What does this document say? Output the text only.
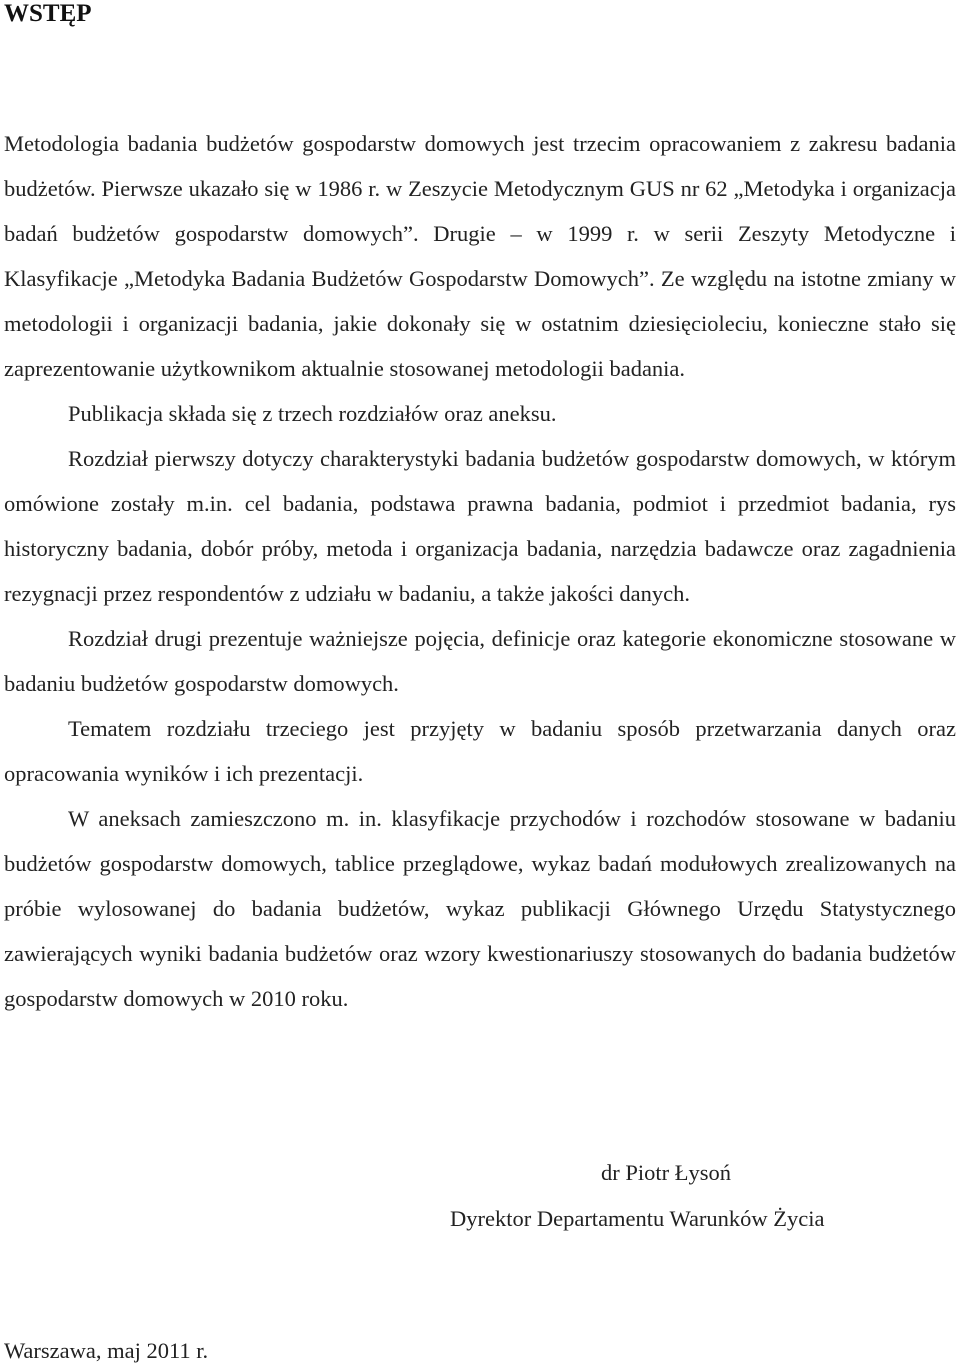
WSTĘP

Metodologia badania budżetów gospodarstw domowych jest trzecim opracowaniem z zakresu badania budżetów. Pierwsze ukazało się w 1986 r. w Zeszycie Metodycznym GUS nr 62 „Metodyka i organizacja badań budżetów gospodarstw domowych”. Drugie – w 1999 r. w serii Zeszyty Metodyczne i Klasyfikacje „Metodyka Badania Budżetów Gospodarstw Domowych”. Ze względu na istotne zmiany w metodologii i organizacji badania, jakie dokonały się w ostatnim dziesięcioleciu, konieczne stało się zaprezentowanie użytkownikom aktualnie stosowanej metodologii badania.

Publikacja składa się z trzech rozdziałów oraz aneksu.

Rozdział pierwszy dotyczy charakterystyki badania budżetów gospodarstw domowych, w którym omówione zostały m.in. cel badania, podstawa prawna badania, podmiot i przedmiot badania, rys historyczny badania, dobór próby, metoda i organizacja badania, narzędzia badawcze oraz zagadnienia rezygnacji przez respondentów z udziału w badaniu, a także jakości danych.

Rozdział drugi prezentuje ważniejsze pojęcia, definicje oraz kategorie ekonomiczne stosowane w badaniu budżetów gospodarstw domowych.

Tematem rozdziału trzeciego jest przyjęty w badaniu sposób przetwarzania danych oraz opracowania wyników i ich prezentacji.

W aneksach zamieszczono m. in. klasyfikacje przychodów i rozchodów stosowane w badaniu budżetów gospodarstw domowych, tablice przeglądowe, wykaz badań modułowych zrealizowanych na próbie wylosowanej do badania budżetów, wykaz publikacji Głównego Urzędu Statystycznego zawierających wyniki badania budżetów oraz wzory kwestionariuszy stosowanych do badania budżetów gospodarstw domowych w 2010 roku.

dr Piotr Łysoń
Dyrektor Departamentu Warunków Życia
Warszawa, maj 2011 r.
